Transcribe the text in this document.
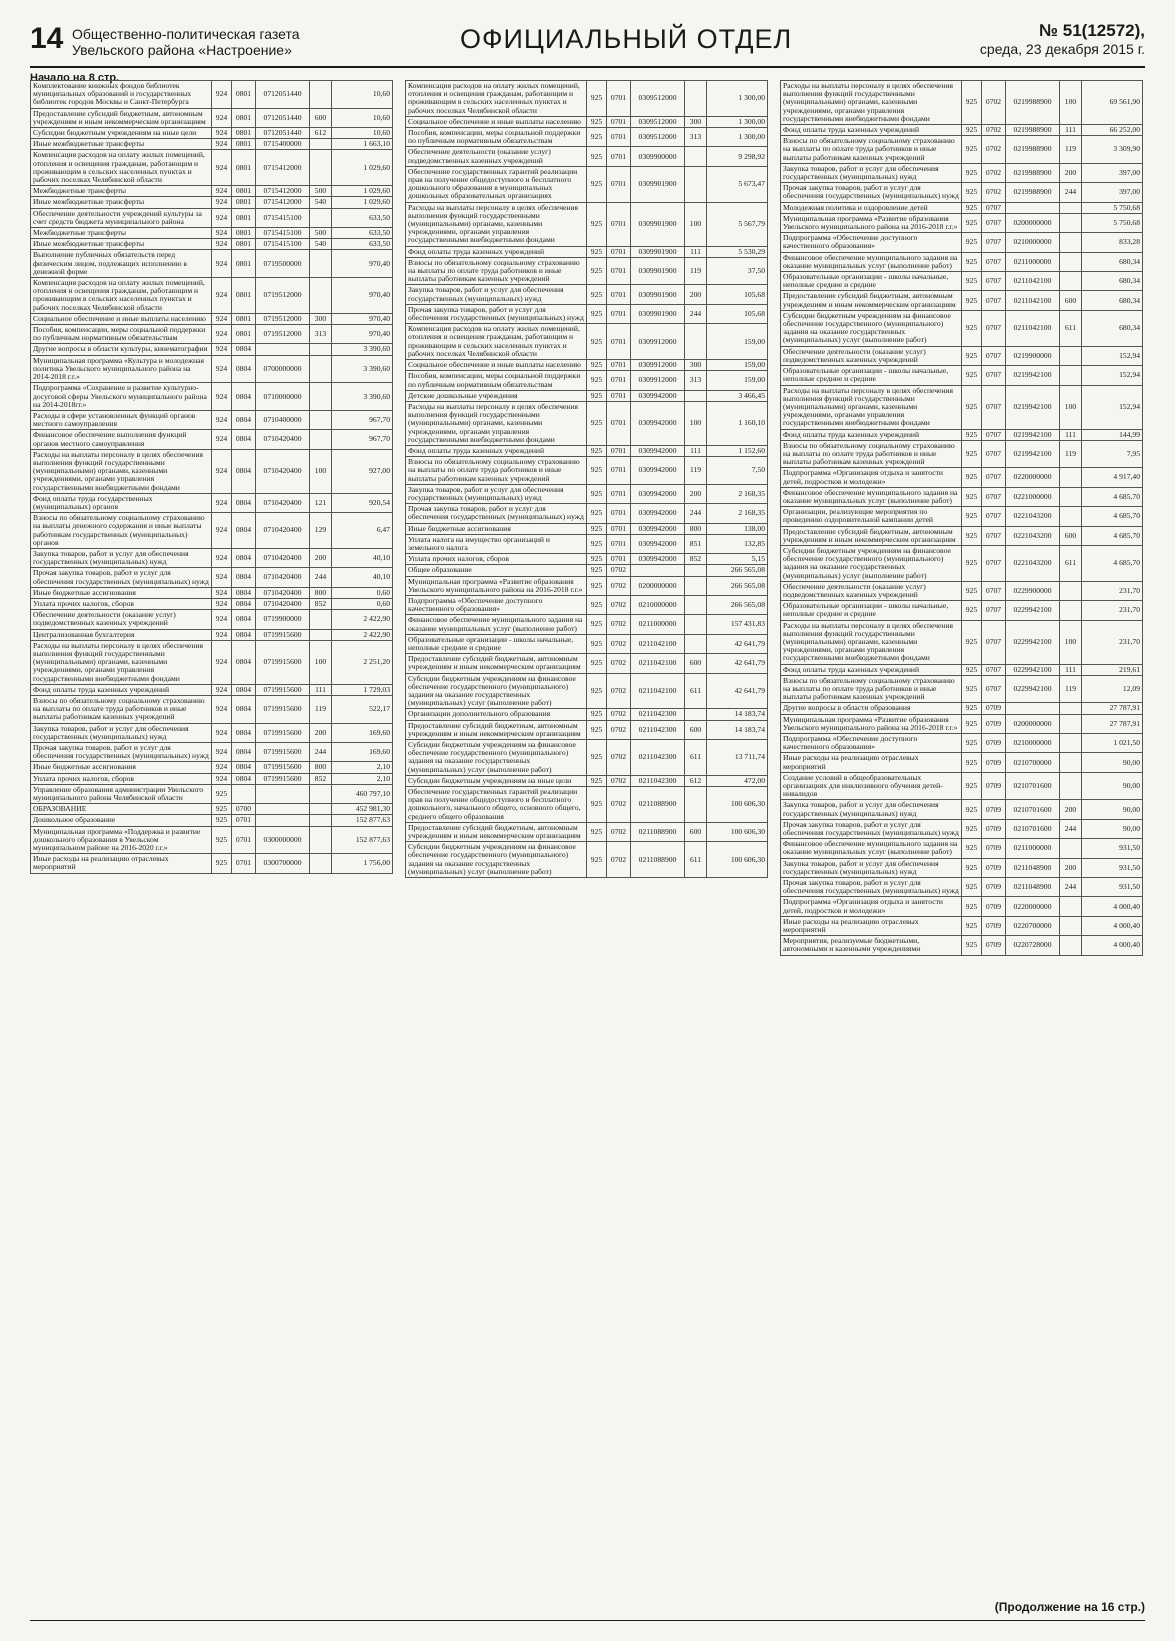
14 Общественно-политическая газета Увельского района «Настроение»	ОФИЦИАЛЬНЫЙ ОТДЕЛ	№ 51(12572),
среда, 23 декабря 2015 г.
Начало на 8 стр.
Комплектование книжных фондов библиотек муниципальных образований и государственных библиотек городов Москвы и Санкт-Петербурга	924	0801	0712051440		10,60
Предоставление субсидий бюджетным, автономным учреждениям и иным некоммерческим организациям	924	0801	0712051440	600	10,60
Субсидии бюджетным учреждениям на иные цели	924	0801	0712051440	612	10,60
Иные межбюджетные трансферты	924	0801	0715400000		1 663,10
Компенсация расходов на оплату жилых помещений, отопления и освещения гражданам, работающим и проживающим в сельских населенных пунктах и рабочих поселках Челябинской области	924	0801	0715412000		1 029,60
Межбюджетные трансферты	924	0801	0715412000	500	1 029,60
Иные межбюджетные трансферты	924	0801	0715412000	540	1 029,60
Обеспечение деятельности учреждений культуры за счет средств бюджета муниципального района	924	0801	0715415100		633,50
Межбюджетные трансферты	924	0801	0715415100	500	633,50
Иные межбюджетные трансферты	924	0801	0715415100	540	633,50
Выполнение публичных обязательств перед физическим лицом, подлежащих исполнению в денежной форме	924	0801	0719500000		970,40
Компенсация расходов на оплату жилых помещений, отопления и освещения гражданам, работающим и проживающим в сельских населенных пунктах и рабочих поселках Челябинской области	924	0801	0719512000		970,40
Социальное обеспечение и иные выплаты населению	924	0801	0719512000	300	970,40
Пособия, компенсации, меры социальной поддержки по публичным нормативным обязательствам	924	0801	0719512000	313	970,40
Другие вопросы в области культуры, кинематографии	924	0804			3 390,60
Муниципальная программа «Культура и молодежная политика Увельского муниципального района на 2014-2018 г.г.»	924	0804	0700000000		3 390,60
Подпрограмма «Сохранение и развитие культурно-досуговой сферы Увельского муниципального района на 2014-2018гг.»	924	0804	0710000000		3 390,60
Расходы в сфере установленных функций органов местного самоуправления	924	0804	0710400000		967,70
Финансовое обеспечение выполнения функций органов местного самоуправления	924	0804	0710420400		967,70
Расходы на выплаты персоналу в целях обеспечения выполнения функций государственными (муниципальными) органами, казенными учреждениями, органами управления государственными внебюджетными фондами	924	0804	0710420400	100	927,00
Фонд оплаты труда государственных (муниципальных) органов	924	0804	0710420400	121	920,54
Взносы по обязательному социальному страхованию на выплаты денежного содержания и иные выплаты работникам государственных (муниципальных) органов	924	0804	0710420400	129	6,47
Закупка товаров, работ и услуг для обеспечения государственных (муниципальных) нужд	924	0804	0710420400	200	40,10
Прочая закупка товаров, работ и услуг для обеспечения государственных (муниципальных) нужд	924	0804	0710420400	244	40,10
Иные бюджетные ассигнования	924	0804	0710420400	800	0,60
Уплата прочих налогов, сборов	924	0804	0710420400	852	0,60
Обеспечение деятельности (оказание услуг) подведомственных казенных учреждений	924	0804	0719900000		2 422,90
Централизованная бухгалтерия	924	0804	0719915600		2 422,90
Расходы на выплаты персоналу в целях обеспечения выполнения функций государственными (муниципальными) органами, казенными учреждениями, органами управления государственными внебюджетными фондами	924	0804	0719915600	100	2 251,20
Фонд оплаты труда казенных учреждений	924	0804	0719915600	111	1 729,03
Взносы по обязательному социальному страхованию на выплаты по оплате труда работников и иные выплаты работникам казенных учреждений	924	0804	0719915600	119	522,17
Закупка товаров, работ и услуг для обеспечения государственных (муниципальных) нужд	924	0804	0719915600	200	169,60
Прочая закупка товаров, работ и услуг для обеспечения государственных (муниципальных) нужд	924	0804	0719915600	244	169,60
Иные бюджетные ассигнования	924	0804	0719915600	800	2,10
Уплата прочих налогов, сборов	924	0804	0719915600	852	2,10
Управление образования администрации Увельского муниципального района Челябинской области	925				460 797,10
ОБРАЗОВАНИЕ	925	0700			452 981,30
Дошкольное образование	925	0701			152 877,63
Муниципальная программа «Поддержка и развитие дошкольного образования в Увельском муниципальном районе на 2016-2020 г.г.»	925	0701	0300000000		152 877,63
Иные расходы на реализацию отраслевых мероприятий	925	0701	0300700000		1 756,00
Компенсация расходов на оплату жилых помещений, отопления и освещения гражданам, работающим и проживающим в сельских населенных пунктах и рабочих поселках Челябинской области	925	0701	0309512000		1 300,00
Социальное обеспечение и иные выплаты населению	925	0701	0309512000	300	1 300,00
Пособия, компенсации, меры социальной поддержки по публичным нормативным обязательствам	925	0701	0309512000	313	1 300,00
Обеспечение деятельности (оказание услуг) подведомственных казенных учреждений	925	0701	0309900000		9 298,92
Обеспечение государственных гарантий реализации прав на получение общедоступного и бесплатного дошкольного образования в муниципальных дошкольных образовательных организациях	925	0701	0309901900		5 673,47
Расходы на выплаты персоналу в целях обеспечения выполнения функций государственными (муниципальными) органами, казенными учреждениями, органами управления государственными внебюджетными фондами	925	0701	0309901900	100	5 567,79
Фонд оплаты труда казенных учреждений	925	0701	0309901900	111	5 530,29
Взносы по обязательному социальному страхованию на выплаты по оплате труда работников и иные выплаты работникам казенных учреждений	925	0701	0309901900	119	37,50
Закупка товаров, работ и услуг для обеспечения государственных (муниципальных) нужд	925	0701	0309901900	200	105,68
Прочая закупка товаров, работ и услуг для обеспечения государственных (муниципальных) нужд	925	0701	0309901900	244	105,68
Компенсация расходов на оплату жилых помещений, отопления и освещения гражданам, работающим и проживающим в сельских населенных пунктах и рабочих поселках Челябинской области	925	0701	0309912000		159,00
Социальное обеспечение и иные выплаты населению	925	0701	0309912000	300	159,00
Пособия, компенсации, меры социальной поддержки по публичным нормативным обязательствам	925	0701	0309912000	313	159,00
Детские дошкольные учреждения	925	0701	0309942000		3 466,45
Расходы на выплаты персоналу в целях обеспечения выполнения функций государственными (муниципальными) органами, казенными учреждениями, органами управления государственными внебюджетными фондами	925	0701	0309942000	100	1 160,10
Фонд оплаты труда казенных учреждений	925	0701	0309942000	111	1 152,60
Взносы по обязательному социальному страхованию на выплаты по оплате труда работников и иные выплаты работникам казенных учреждений	925	0701	0309942000	119	7,50
Закупка товаров, работ и услуг для обеспечения государственных (муниципальных) нужд	925	0701	0309942000	200	2 168,35
Прочая закупка товаров, работ и услуг для обеспечения государственных (муниципальных) нужд	925	0701	0309942000	244	2 168,35
Иные бюджетные ассигнования	925	0701	0309942000	800	138,00
Уплата налога на имущество организаций и земельного налога	925	0701	0309942000	851	132,85
Уплата прочих налогов, сборов	925	0701	0309942000	852	5,15
Общее образование	925	0702			266 565,08
Муниципальная программа «Развитие образования Увельского муниципального района на 2016-2018 г.г.»	925	0702	0200000000		266 565,08
Подпрограмма «Обеспечение доступного качественного образования»	925	0702	0210000000		266 565,08
Финансовое обеспечение муниципального задания на оказание муниципальных услуг (выполнение работ)	925	0702	0211000000		157 431,83
Образовательные организации - школы начальные, неполные средние и средние	925	0702	0211042100		42 641,79
Предоставление субсидий бюджетным, автономным учреждениям и иным некоммерческим организациям	925	0702	0211042100	600	42 641,79
Субсидии бюджетным учреждениям на финансовое обеспечение государственного (муниципального) задания на оказание государственных (муниципальных) услуг (выполнение работ)	925	0702	0211042100	611	42 641,79
Организации дополнительного образования	925	0702	0211042300		14 183,74
Предоставление субсидий бюджетным, автономным учреждениям и иным некоммерческим организациям	925	0702	0211042300	600	14 183,74
Субсидии бюджетным учреждениям на финансовое обеспечение государственного (муниципального) задания на оказание государственных (муниципальных) услуг (выполнение работ)	925	0702	0211042300	611	13 711,74
Субсидии бюджетным учреждениям на иные цели	925	0702	0211042300	612	472,00
Обеспечение государственных гарантий реализации прав на получение общедоступного и бесплатного дошкольного, начального общего, основного общего, среднего общего образования	925	0702	0211088900		100 606,30
Предоставление субсидий бюджетным, автономным учреждениям и иным некоммерческим организациям	925	0702	0211088900	600	100 606,30
Субсидии бюджетным учреждениям на финансовое обеспечение государственного (муниципального) задания на оказание государственных (муниципальных) услуг (выполнение работ)	925	0702	0211088900	611	100 606,30
Расходы на выплаты персоналу в целях обеспечения выполнения функций государственными (муниципальными) органами, казенными учреждениями, органами управления государственными внебюджетными фондами	925	0702	0219988900	100	69 561,90
Фонд оплаты труда казенных учреждений	925	0702	0219988900	111	66 252,00
Взносы по обязательному социальному страхованию на выплаты по оплате труда работников и иные выплаты работникам казенных учреждений	925	0702	0219988900	119	3 309,90
Закупка товаров, работ и услуг для обеспечения государственных (муниципальных) нужд	925	0702	0219988900	200	397,00
Прочая закупка товаров, работ и услуг для обеспечения государственных (муниципальных) нужд	925	0702	0219988900	244	397,00
Молодежная политика и оздоровление детей	925	0707			5 750,68
Муниципальная программа «Развитие образования Увельского муниципального района на 2016-2018 г.г.»	925	0707	0200000000		5 750,68
Подпрограмма «Обеспечение доступного качественного образования»	925	0707	0210000000		833,28
Финансовое обеспечение муниципального задания на оказание муниципальных услуг (выполнение работ)	925	0707	0211000000		680,34
Образовательные организации - школы начальные, неполные средние и средние	925	0707	0211042100		680,34
Предоставление субсидий бюджетным, автономным учреждениям и иным некоммерческим организациям	925	0707	0211042100	600	680,34
Субсидии бюджетным учреждениям на финансовое обеспечение государственного (муниципального) задания на оказание государственных (муниципальных) услуг (выполнение работ)	925	0707	0211042100	611	680,34
Обеспечение деятельности (оказание услуг) подведомственных казенных учреждений	925	0707	0219900000		152,94
Образовательные организации - школы начальные, неполные средние и средние	925	0707	0219942100		152,94
Расходы на выплаты персоналу в целях обеспечения выполнения функций государственными (муниципальными) органами, казенными учреждениями, органами управления государственными внебюджетными фондами	925	0707	0219942100	100	152,94
Фонд оплаты труда казенных учреждений	925	0707	0219942100	111	144,99
Взносы по обязательному социальному страхованию на выплаты по оплате труда работников и иные выплаты работникам казенных учреждений	925	0707	0219942100	119	7,95
Подпрограмма «Организация отдыха и занятости детей, подростков и молодежи»	925	0707	0220000000		4 917,40
Финансовое обеспечение муниципального задания на оказание муниципальных услуг (выполнение работ)	925	0707	0221000000		4 685,70
Организации, реализующие мероприятия по проведению оздоровительной кампании детей	925	0707	0221043200		4 685,70
Предоставление субсидий бюджетным, автономным учреждениям и иным некоммерческим организациям	925	0707	0221043200	600	4 685,70
Субсидии бюджетным учреждениям на финансовое обеспечение государственного (муниципального) задания на оказание государственных (муниципальных) услуг (выполнение работ)	925	0707	0221043200	611	4 685,70
Обеспечение деятельности (оказание услуг) подведомственных казенных учреждений	925	0707	0229900000		231,70
Образовательные организации - школы начальные, неполные средние и средние	925	0707	0229942100		231,70
Расходы на выплаты персоналу в целях обеспечения выполнения функций государственными (муниципальными) органами, казенными учреждениями, органами управления государственными внебюджетными фондами	925	0707	0229942100	100	231,70
Фонд оплаты труда казенных учреждений	925	0707	0229942100	111	219,61
Взносы по обязательному социальному страхованию на выплаты по оплате труда работников и иные выплаты работникам казенных учреждений	925	0707	0229942100	119	12,09
Другие вопросы в области образования	925	0709			27 787,91
Муниципальная программа «Развитие образования Увельского муниципального района на 2016-2018 г.г.»	925	0709	0200000000		27 787,91
Подпрограмма «Обеспечение доступного качественного образования»	925	0709	0210000000		1 021,50
Иные расходы на реализацию отраслевых мероприятий	925	0709	0210700000		90,00
Создание условий в общеобразовательных организациях для инклюзивного обучения детей-инвалидов	925	0709	0210701600		90,00
Закупка товаров, работ и услуг для обеспечения государственных (муниципальных) нужд	925	0709	0210701600	200	90,00
Прочая закупка товаров, работ и услуг для обеспечения государственных (муниципальных) нужд	925	0709	0210701600	244	90,00
Финансовое обеспечение муниципального задания на оказание муниципальных услуг (выполнение работ)	925	0709	0211000000		931,50
Закупка товаров, работ и услуг для обеспечения государственных (муниципальных) нужд	925	0709	0211048900	200	931,50
Прочая закупка товаров, работ и услуг для обеспечения государственных (муниципальных) нужд	925	0709	0211048900	244	931,50
Подпрограмма «Организация отдыха и занятости детей, подростков и молодежи»	925	0709	0220000000		4 000,40
Иные расходы на реализацию отраслевых мероприятий	925	0709	0220700000		4 000,40
Мероприятия, реализуемые бюджетными, автономными и казенными учреждениями	925	0709	0220728000		4 000,40
(Продолжение на 16 стр.)
